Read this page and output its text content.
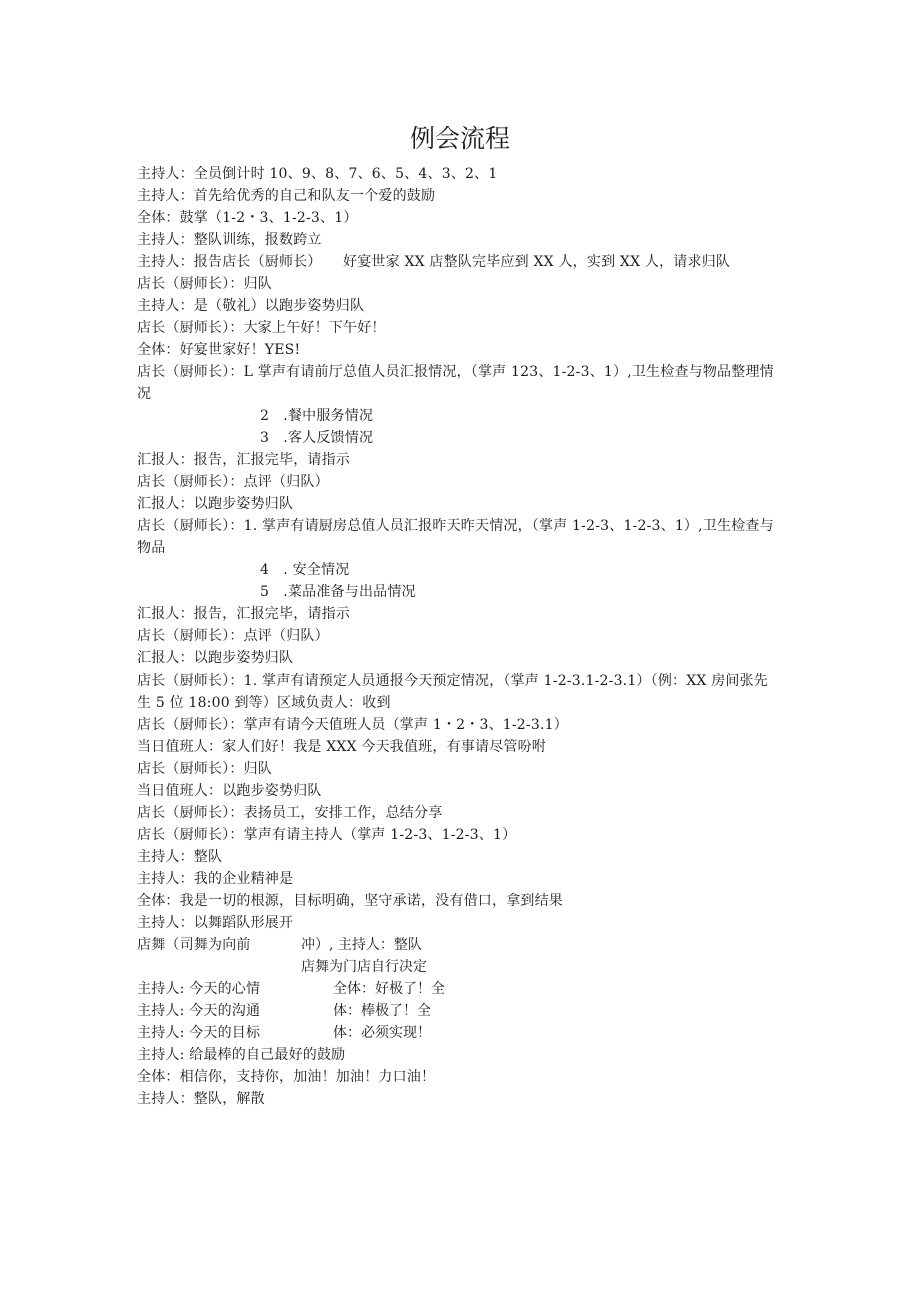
例会流程
主持人：全员倒计时 10、9、8、7、6、5、4、3、2、1
主持人：首先给优秀的自己和队友一个爱的鼓励
全体：鼓掌（1-2・3、1-2-3、1）
主持人：整队训练，报数跨立
主持人：报告店长（厨师长）　　好宴世家 XX 店整队完毕应到 XX 人，实到 XX 人，请求归队
店长（厨师长）：归队
主持人：是（敬礼）以跑步姿势归队
店长（厨师长）：大家上午好！下午好！
全体：好宴世家好！YES!
店长（厨师长）：L 掌声有请前厅总值人员汇报情况，（掌声 123、1-2-3、1）,卫生检查与物品整理情况
2　.餐中服务情况
3　.客人反馈情况
汇报人：报告，汇报完毕，请指示
店长（厨师长）：点评（归队）
汇报人：以跑步姿势归队
店长（厨师长）：1. 掌声有请厨房总值人员汇报昨天昨天情况，（掌声 1-2-3、1-2-3、1）,卫生检查与物品
4　. 安全情况
5　.菜品准备与出品情况
汇报人：报告，汇报完毕，请指示
店长（厨师长）：点评（归队）
汇报人：以跑步姿势归队
店长（厨师长）：1. 掌声有请预定人员通报今天预定情况，（掌声 1-2-3.1-2-3.1）（例：XX 房间张先生 5 位 18:00 到等）区域负责人：收到
店长（厨师长）：掌声有请今天值班人员（掌声 1・2・3、1-2-3.1）
当日值班人：家人们好！我是 XXX 今天我值班，有事请尽管吩咐
店长（厨师长）：归队
当日值班人：以跑步姿势归队
店长（厨师长）：表扬员工，安排工作，总结分享
店长（厨师长）：掌声有请主持人（掌声 1-2-3、1-2-3、1）
主持人：整队
主持人：我的企业精神是
全体：我是一切的根源，目标明确，坚守承诺，没有借口，拿到结果
主持人：以舞蹈队形展开
店舞（司舞为向前	冲）, 主持人：整队
店舞为门店自行决定
主持人: 今天的心情	全体：好极了！全
主持人: 今天的沟通	体：棒极了！全
主持人: 今天的目标	体：必须实现！
主持人: 给最棒的自己最好的鼓励
全体：相信你，支持你，加油！加油！力口油！
主持人：整队，解散
